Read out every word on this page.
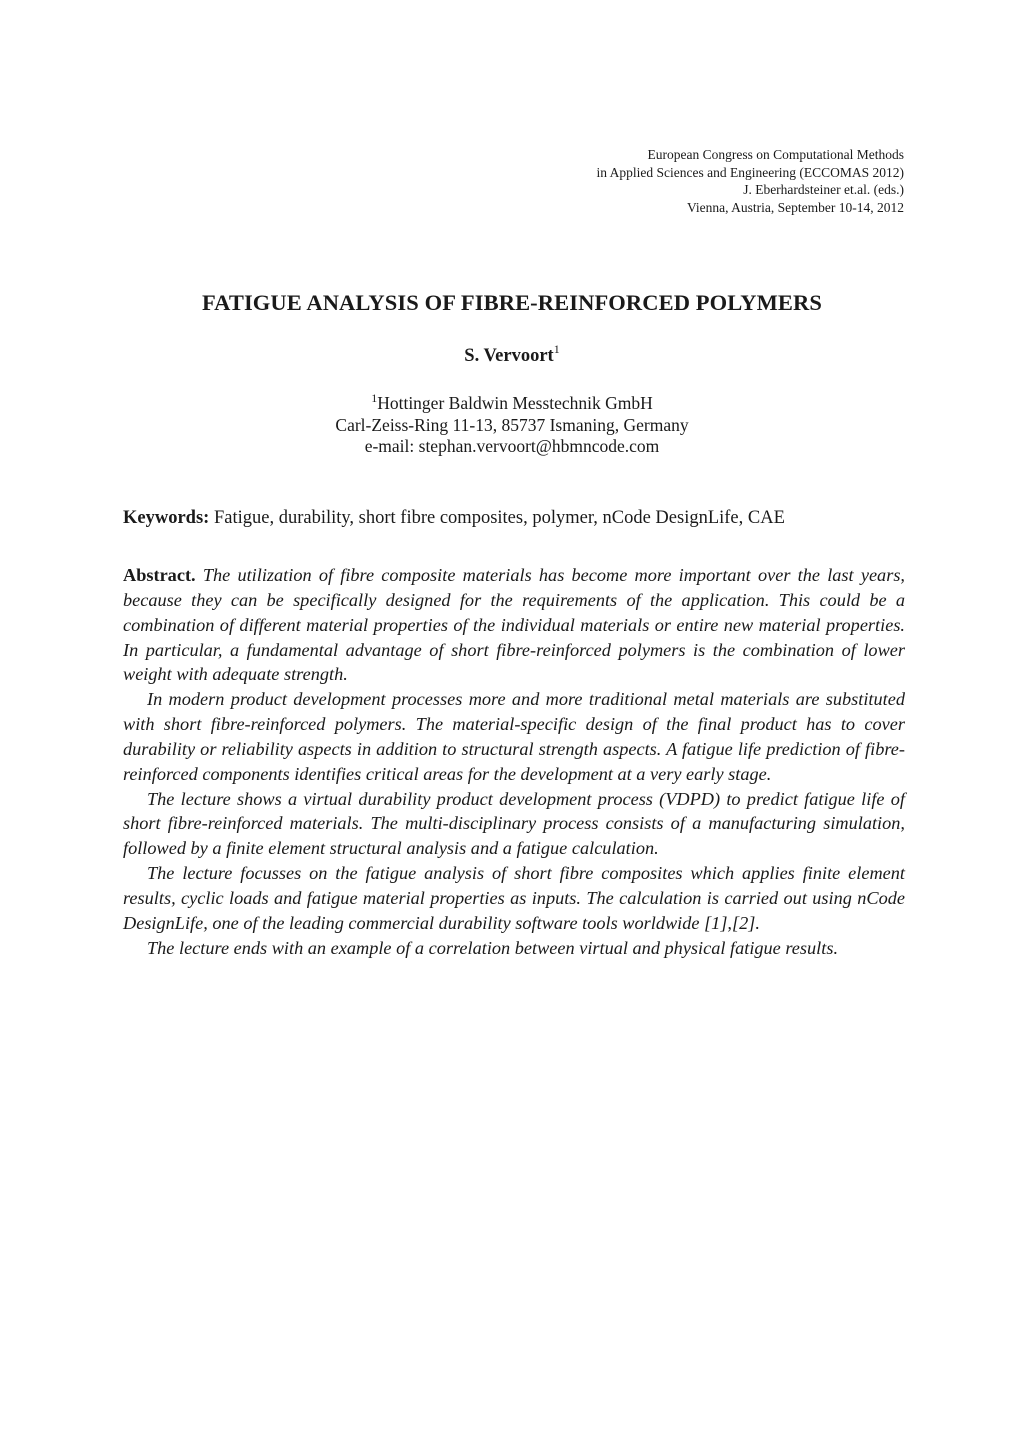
European Congress on Computational Methods
in Applied Sciences and Engineering (ECCOMAS 2012)
J. Eberhardsteiner et.al. (eds.)
Vienna, Austria, September 10-14, 2012
FATIGUE ANALYSIS OF FIBRE-REINFORCED POLYMERS
S. Vervoort$^1$
$^1$Hottinger Baldwin Messtechnik GmbH
Carl-Zeiss-Ring 11-13, 85737 Ismaning, Germany
e-mail: stephan.vervoort@hbmncode.com
Keywords: Fatigue, durability, short fibre composites, polymer, nCode DesignLife, CAE

Abstract. The utilization of fibre composite materials has become more important over the last years, because they can be specifically designed for the requirements of the application. This could be a combination of different material properties of the individual materials or entire new material properties. In particular, a fundamental advantage of short fibre-reinforced polymers is the combination of lower weight with adequate strength.

In modern product development processes more and more traditional metal materials are substituted with short fibre-reinforced polymers. The material-specific design of the final product has to cover durability or reliability aspects in addition to structural strength aspects. A fatigue life prediction of fibre-reinforced components identifies critical areas for the development at a very early stage.

The lecture shows a virtual durability product development process (VDPD) to predict fatigue life of short fibre-reinforced materials. The multi-disciplinary process consists of a manufacturing simulation, followed by a finite element structural analysis and a fatigue calculation.

The lecture focusses on the fatigue analysis of short fibre composites which applies finite element results, cyclic loads and fatigue material properties as inputs. The calculation is carried out using nCode DesignLife, one of the leading commercial durability software tools worldwide [1],[2].

The lecture ends with an example of a correlation between virtual and physical fatigue results.
